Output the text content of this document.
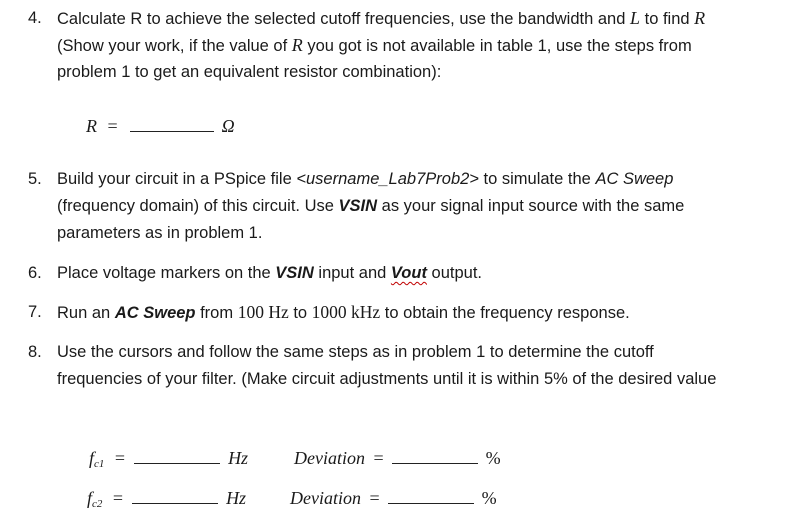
4. Calculate R to achieve the selected cutoff frequencies, use the bandwidth and L to find R
(Show your work, if the value of R you got is not available in table 1, use the steps from
problem 1 to get an equivalent resistor combination):
R =	Ω
5. Build your circuit in a PSpice file <username_Lab7Prob2> to simulate the AC Sweep
(frequency domain) of this circuit. Use VSIN as your signal input source with the same
parameters as in problem 1.
6. Place voltage markers on the VSIN input and Vout output.
7. Run an AC Sweep from 100 Hz to 1000 kHz to obtain the frequency response.
8. Use the cursors and follow the same steps as in problem 1 to determine the cutoff
frequencies of your filter. (Make circuit adjustments until it is within 5% of the desired value
$f_{c1}$ =	Hz	Deviation =	%
$f_{c2}$ =	Hz Deviation =	%
